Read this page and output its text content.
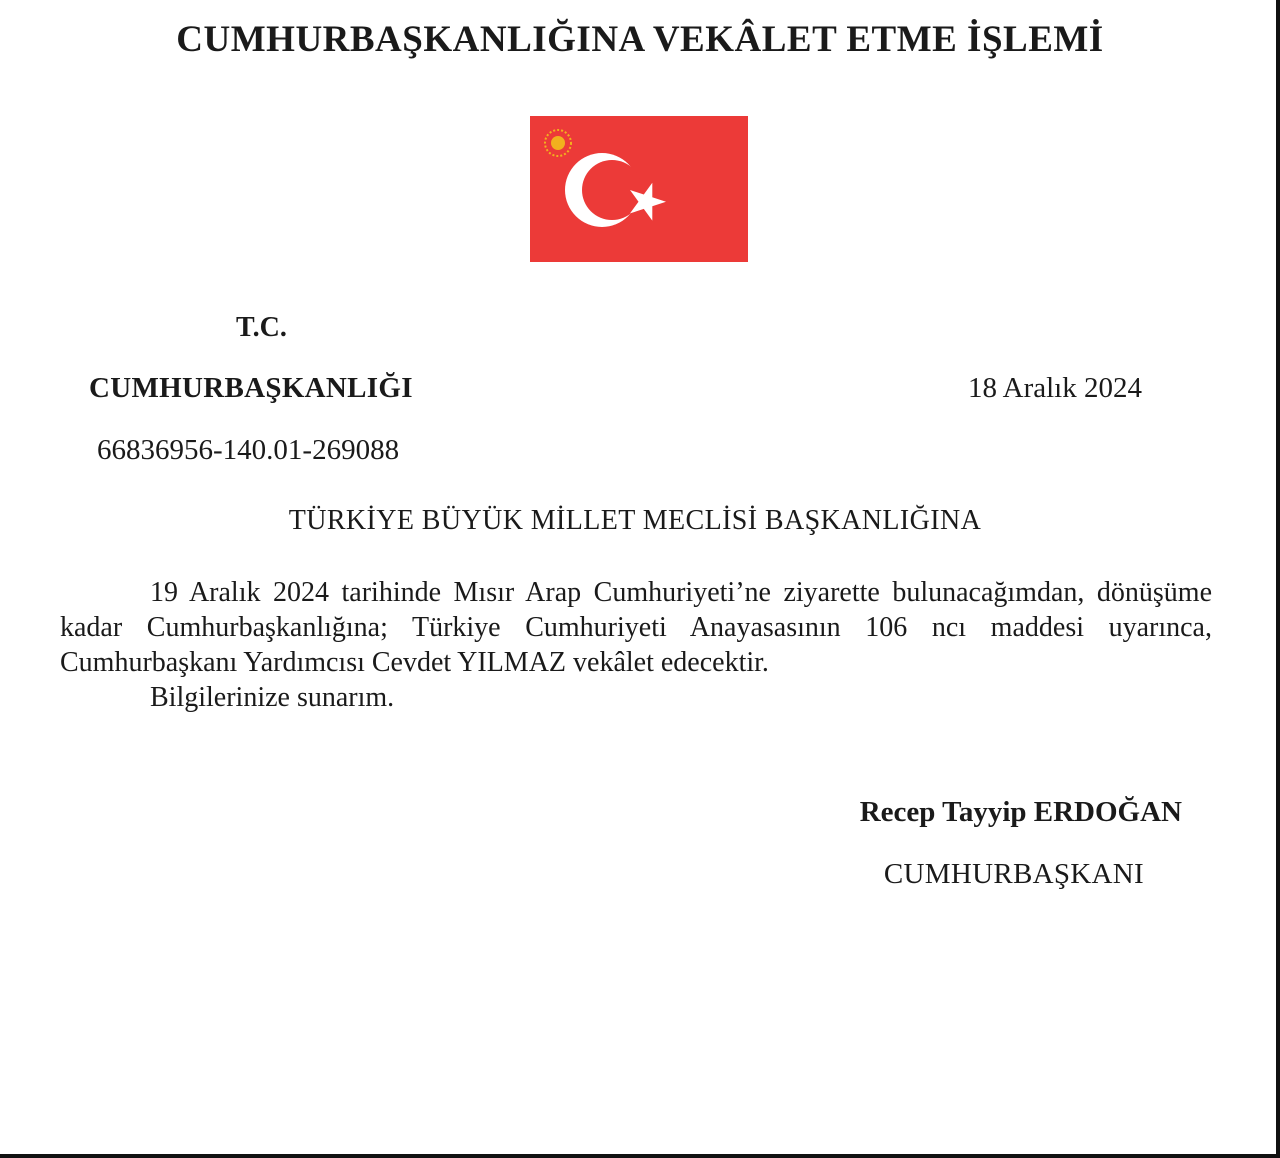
CUMHURBAŞKANLIĞINA VEKÂLET ETME İŞLEMİ
T.C.
CUMHURBAŞKANLIĞI	18 Aralık 2024
66836956-140.01-269088
TÜRKİYE BÜYÜK MİLLET MECLİSİ BAŞKANLIĞINA

19 Aralık 2024 tarihinde Mısır Arap Cumhuriyeti’ne ziyarette bulunacağımdan, dönüşüme kadar Cumhurbaşkanlığına; Türkiye Cumhuriyeti Anayasasının 106 ncı maddesi uyarınca, Cumhurbaşkanı Yardımcısı Cevdet YILMAZ vekâlet edecektir.

Bilgilerinize sunarım.
Recep Tayyip ERDOĞAN
CUMHURBAŞKANI
